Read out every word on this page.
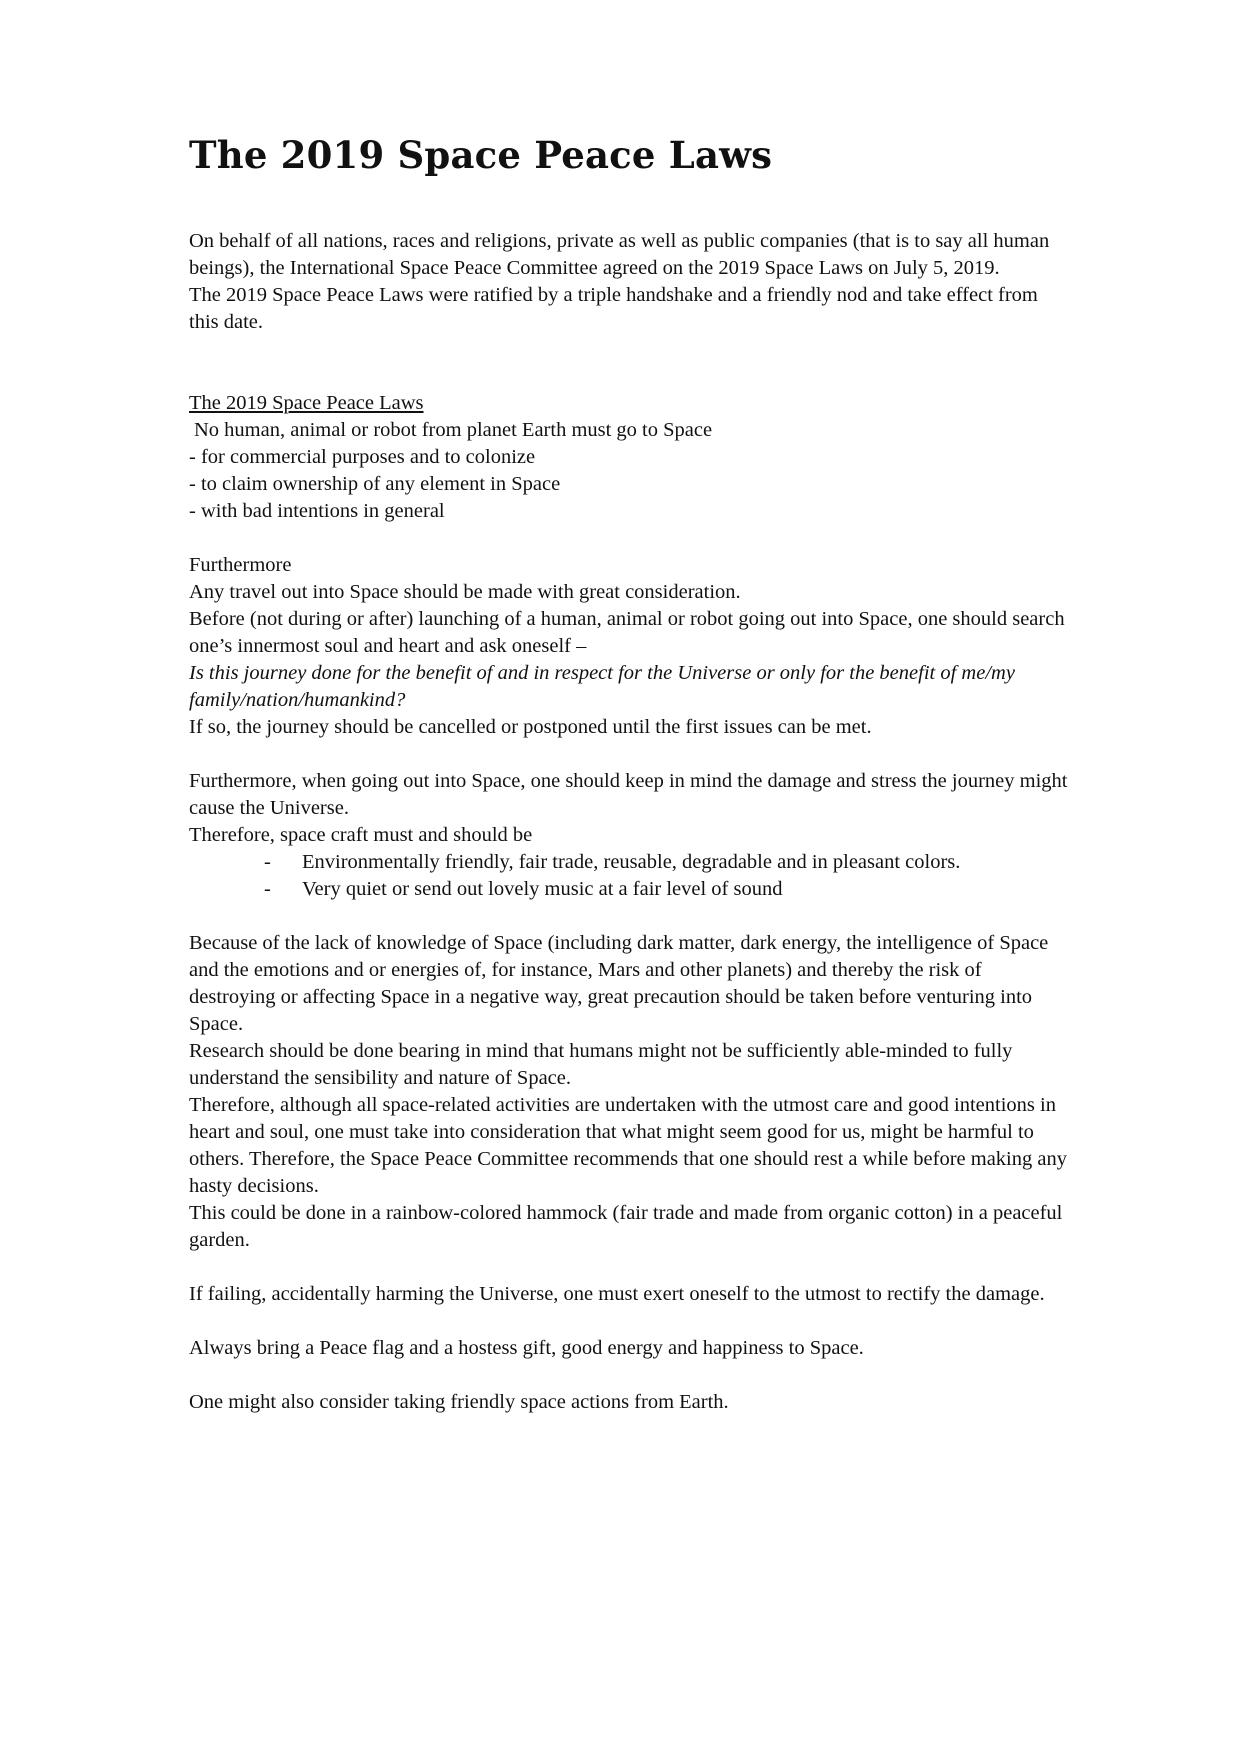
The 2019 Space Peace Laws

On behalf of all nations, races and religions, private as well as public companies (that is to say all human beings), the International Space Peace Committee agreed on the 2019 Space Laws on July 5, 2019.

The 2019 Space Peace Laws were ratified by a triple handshake and a friendly nod and take effect from this date.

The 2019 Space Peace Laws

No human, animal or robot from planet Earth must go to Space

- for commercial purposes and to colonize

- to claim ownership of any element in Space

- with bad intentions in general

Furthermore

Any travel out into Space should be made with great consideration.

Before (not during or after) launching of a human, animal or robot going out into Space, one should search one’s innermost soul and heart and ask oneself –

Is this journey done for the benefit of and in respect for the Universe or only for the benefit of me/my family/nation/humankind?

If so, the journey should be cancelled or postponed until the first issues can be met.

Furthermore, when going out into Space, one should keep in mind the damage and stress the journey might cause the Universe.

Therefore, space craft must and should be

- Environmentally friendly, fair trade, reusable, degradable and in pleasant colors.
- Very quiet or send out lovely music at a fair level of sound

Because of the lack of knowledge of Space (including dark matter, dark energy, the intelligence of Space and the emotions and or energies of, for instance, Mars and other planets) and thereby the risk of destroying or affecting Space in a negative way, great precaution should be taken before venturing into Space.

Research should be done bearing in mind that humans might not be sufficiently able-minded to fully understand the sensibility and nature of Space.

Therefore, although all space-related activities are undertaken with the utmost care and good intentions in heart and soul, one must take into consideration that what might seem good for us, might be harmful to others. Therefore, the Space Peace Committee recommends that one should rest a while before making any hasty decisions.

This could be done in a rainbow-colored hammock (fair trade and made from organic cotton) in a peaceful garden.

If failing, accidentally harming the Universe, one must exert oneself to the utmost to rectify the damage.

Always bring a Peace flag and a hostess gift, good energy and happiness to Space.

One might also consider taking friendly space actions from Earth.
